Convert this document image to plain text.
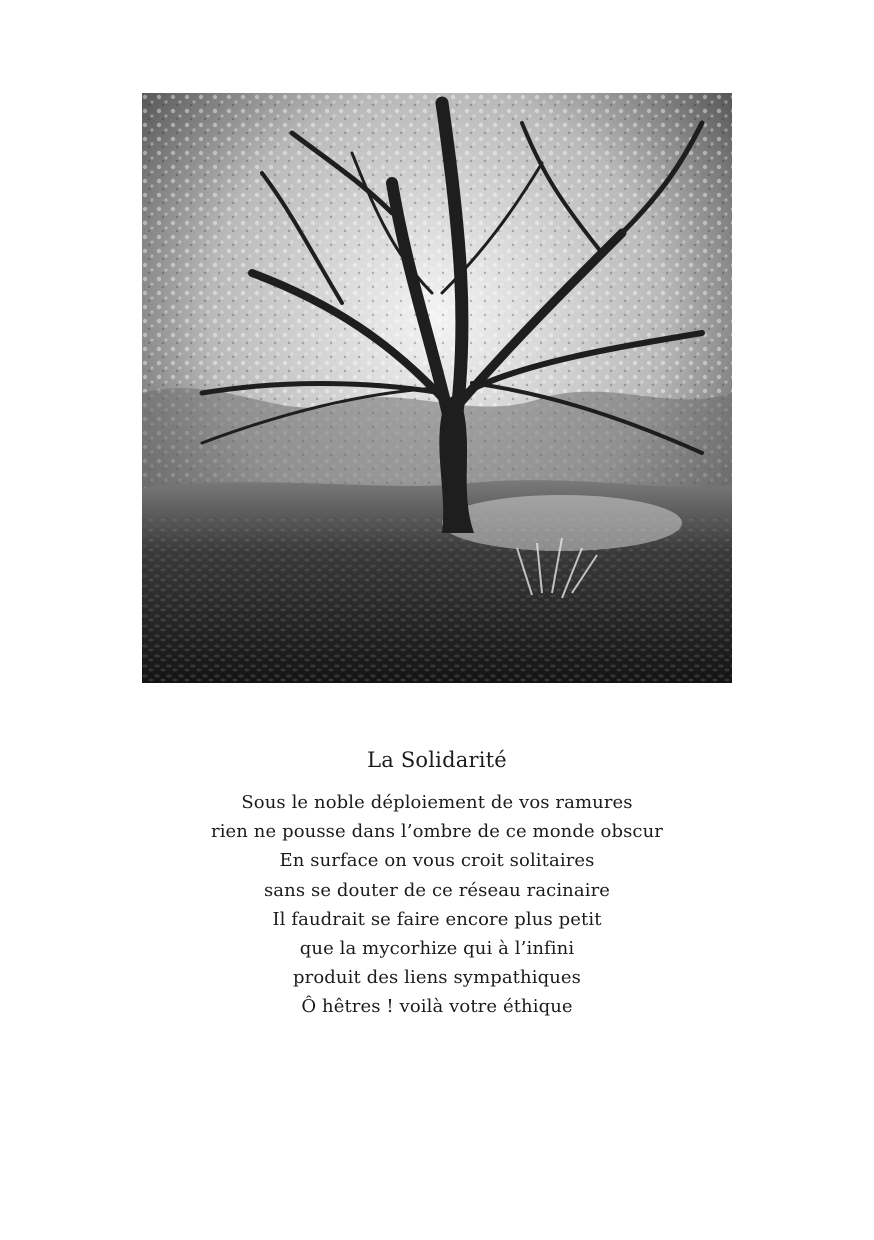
La Solidarité
Sous le noble déploiement de vos ramures
rien ne pousse dans l’ombre de ce monde obscur
En surface on vous croit solitaires
sans se douter de ce réseau racinaire
Il faudrait se faire encore plus petit
que la mycorhize qui à l’infini
produit des liens sympathiques
Ô hêtres ! voilà votre éthique
